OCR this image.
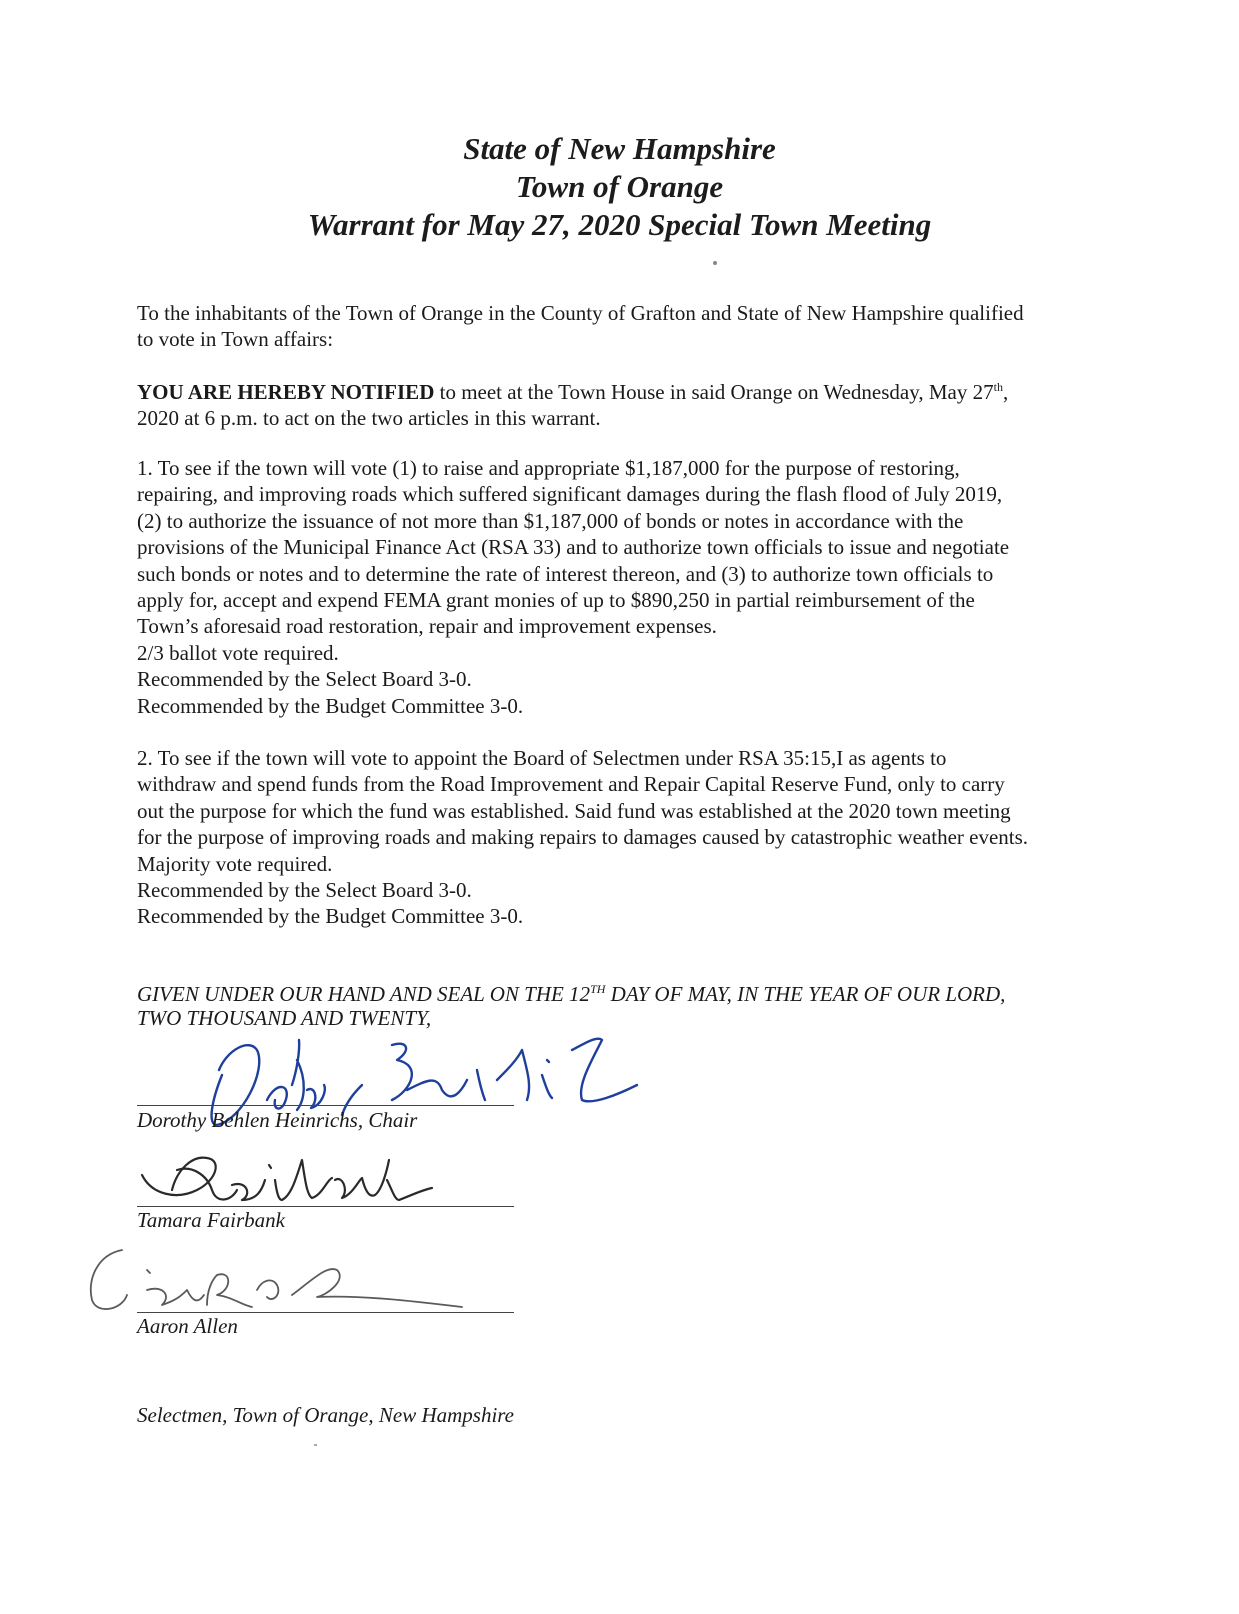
State of New Hampshire

Town of Orange

Warrant for May 27, 2020 Special Town Meeting

To the inhabitants of the Town of Orange in the County of Grafton and State of New Hampshire qualified
to vote in Town affairs:

YOU ARE HEREBY NOTIFIED to meet at the Town House in said Orange on Wednesday, May 27th,
2020 at 6 p.m. to act on the two articles in this warrant.

1. To see if the town will vote (1) to raise and appropriate $1,187,000 for the purpose of restoring,
repairing, and improving roads which suffered significant damages during the flash flood of July 2019,
(2) to authorize the issuance of not more than $1,187,000 of bonds or notes in accordance with the
provisions of the Municipal Finance Act (RSA 33) and to authorize town officials to issue and negotiate
such bonds or notes and to determine the rate of interest thereon, and (3) to authorize town officials to
apply for, accept and expend FEMA grant monies of up to $890,250 in partial reimbursement of the
Town’s aforesaid road restoration, repair and improvement expenses.
2/3 ballot vote required.
Recommended by the Select Board 3-0.
Recommended by the Budget Committee 3-0.

2. To see if the town will vote to appoint the Board of Selectmen under RSA 35:15,I as agents to
withdraw and spend funds from the Road Improvement and Repair Capital Reserve Fund, only to carry
out the purpose for which the fund was established. Said fund was established at the 2020 town meeting
for the purpose of improving roads and making repairs to damages caused by catastrophic weather events.
Majority vote required.
Recommended by the Select Board 3-0.
Recommended by the Budget Committee 3-0.

GIVEN UNDER OUR HAND AND SEAL ON THE 12TH DAY OF MAY, IN THE YEAR OF OUR LORD,
TWO THOUSAND AND TWENTY,

Dorothy Behlen Heinrichs, Chair
Tamara Fairbank
Aaron Allen
Selectmen, Town of Orange, New Hampshire
